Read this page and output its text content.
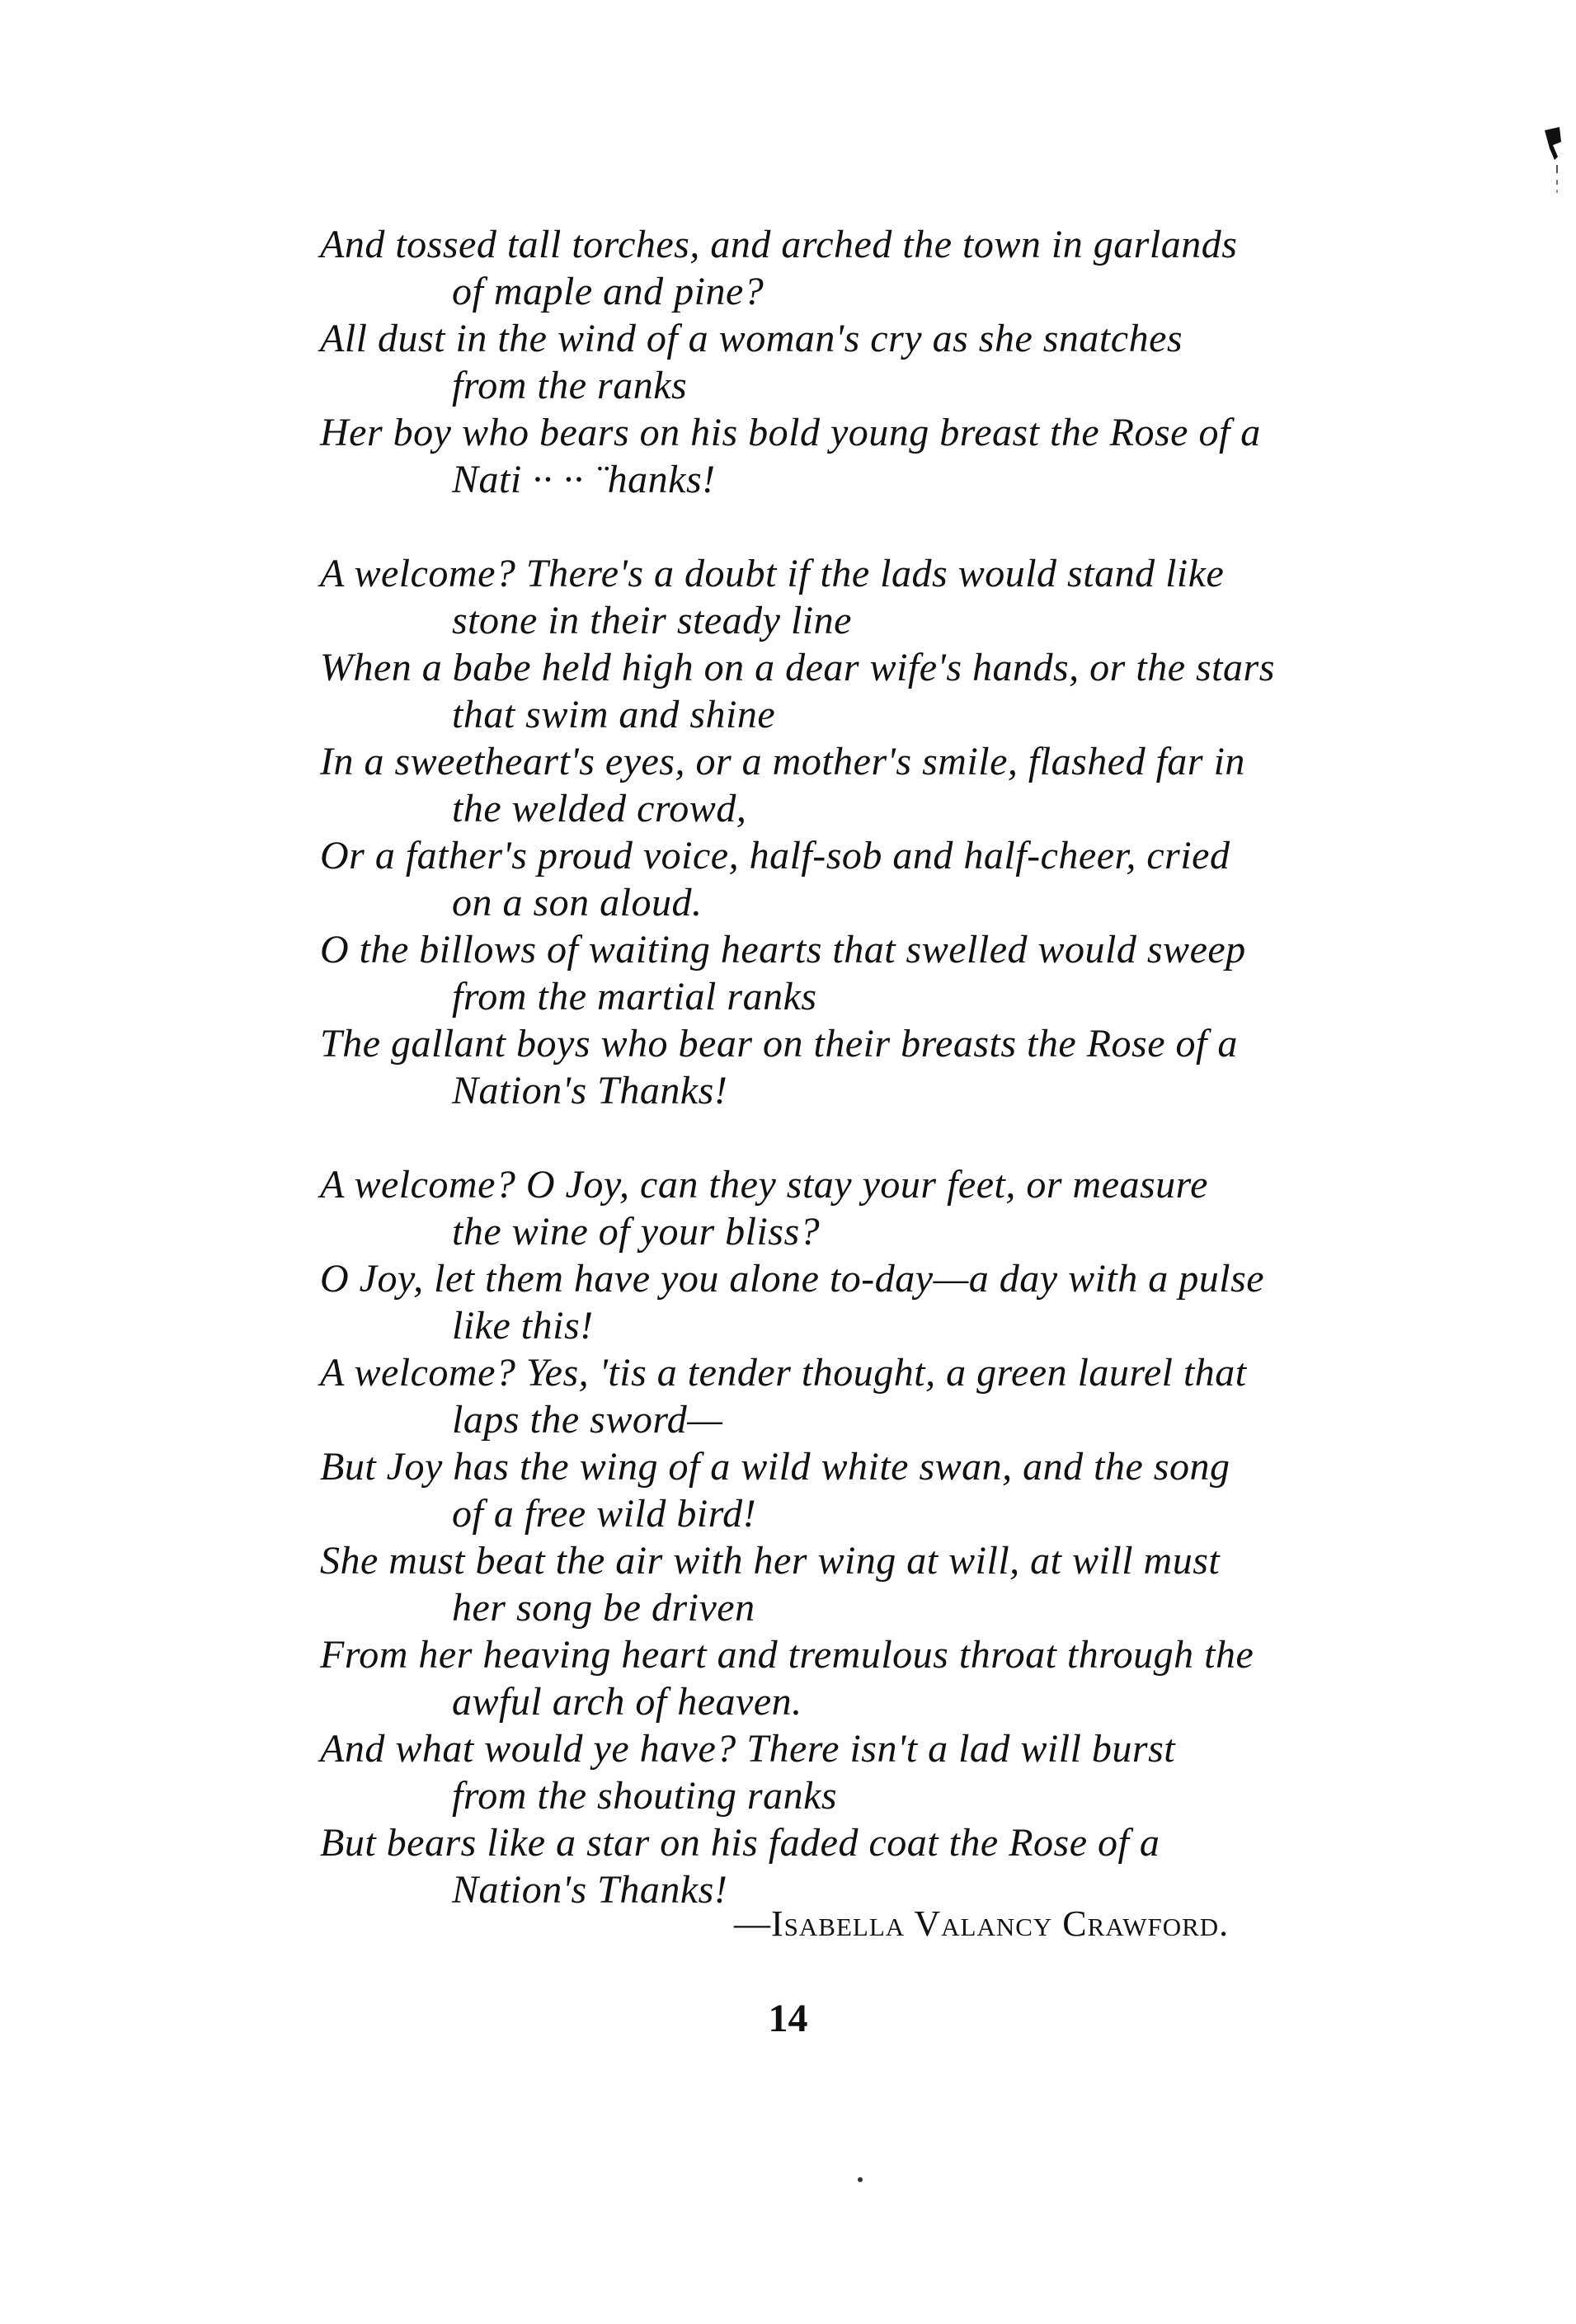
And tossed tall torches, and arched the town in garlands
of maple and pine?
All dust in the wind of a woman's cry as she snatches
from the ranks
Her boy who bears on his bold young breast the Rose of a
Nati ·· ·· ¨hanks!
A welcome? There's a doubt if the lads would stand like
stone in their steady line
When a babe held high on a dear wife's hands, or the stars
that swim and shine
In a sweetheart's eyes, or a mother's smile, flashed far in
the welded crowd,
Or a father's proud voice, half-sob and half-cheer, cried
on a son aloud.
O the billows of waiting hearts that swelled would sweep
from the martial ranks
The gallant boys who bear on their breasts the Rose of a
Nation's Thanks!
A welcome? O Joy, can they stay your feet, or measure
the wine of your bliss?
O Joy, let them have you alone to-day—a day with a pulse
like this!
A welcome? Yes, 'tis a tender thought, a green laurel that
laps the sword—
But Joy has the wing of a wild white swan, and the song
of a free wild bird!
She must beat the air with her wing at will, at will must
her song be driven
From her heaving heart and tremulous throat through the
awful arch of heaven.
And what would ye have? There isn't a lad will burst
from the shouting ranks
But bears like a star on his faded coat the Rose of a
Nation's Thanks!
—Isabella Valancy Crawford.
14
